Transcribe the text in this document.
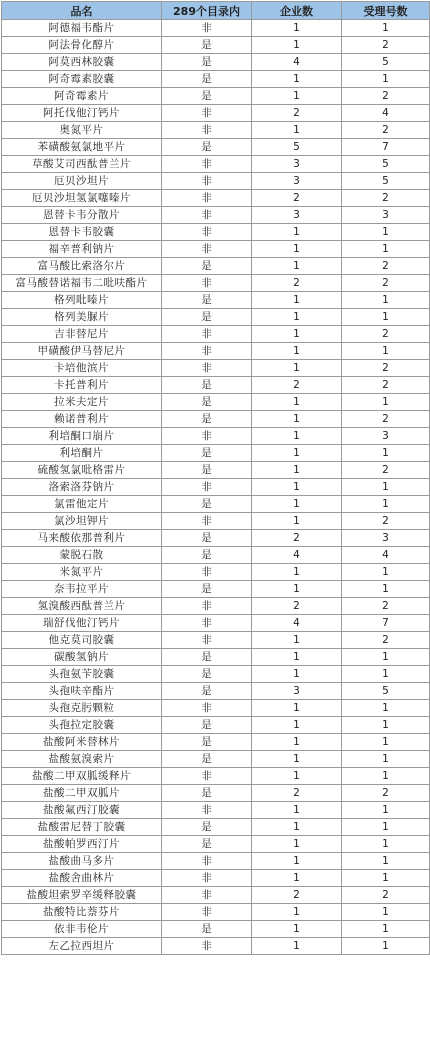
品名	289个目录内	企业数	受理号数
阿德福韦酯片	非	1	1
阿法骨化醇片	是	1	2
阿莫西林胶囊	是	4	5
阿奇霉素胶囊	是	1	1
阿奇霉素片	是	1	2
阿托伐他汀钙片	非	2	4
奥氮平片	非	1	2
苯磺酸氨氯地平片	是	5	7
草酸艾司西酞普兰片	非	3	5
厄贝沙坦片	非	3	5
厄贝沙坦氢氯噻嗪片	非	2	2
恩替卡韦分散片	非	3	3
恩替卡韦胶囊	非	1	1
福辛普利钠片	非	1	1
富马酸比索洛尔片	是	1	2
富马酸替诺福韦二吡呋酯片	非	2	2
格列吡嗪片	是	1	1
格列美脲片	是	1	1
吉非替尼片	非	1	2
甲磺酸伊马替尼片	非	1	1
卡培他滨片	非	1	2
卡托普利片	是	2	2
拉米夫定片	是	1	1
赖诺普利片	是	1	2
利培酮口崩片	非	1	3
利培酮片	是	1	1
硫酸氢氯吡格雷片	是	1	2
洛索洛芬钠片	非	1	1
氯雷他定片	是	1	1
氯沙坦钾片	非	1	2
马来酸依那普利片	是	2	3
蒙脱石散	是	4	4
米氮平片	非	1	1
奈韦拉平片	是	1	1
氢溴酸西酞普兰片	非	2	2
瑞舒伐他汀钙片	非	4	7
他克莫司胶囊	非	1	2
碳酸氢钠片	是	1	1
头孢氨苄胶囊	是	1	1
头孢呋辛酯片	是	3	5
头孢克肟颗粒	非	1	1
头孢拉定胶囊	是	1	1
盐酸阿米替林片	是	1	1
盐酸氨溴索片	是	1	1
盐酸二甲双胍缓释片	非	1	1
盐酸二甲双胍片	是	2	2
盐酸氟西汀胶囊	非	1	1
盐酸雷尼替丁胶囊	是	1	1
盐酸帕罗西汀片	是	1	1
盐酸曲马多片	非	1	1
盐酸舍曲林片	非	1	1
盐酸坦索罗辛缓释胶囊	非	2	2
盐酸特比萘芬片	非	1	1
依非韦伦片	是	1	1
左乙拉西坦片	非	1	1
